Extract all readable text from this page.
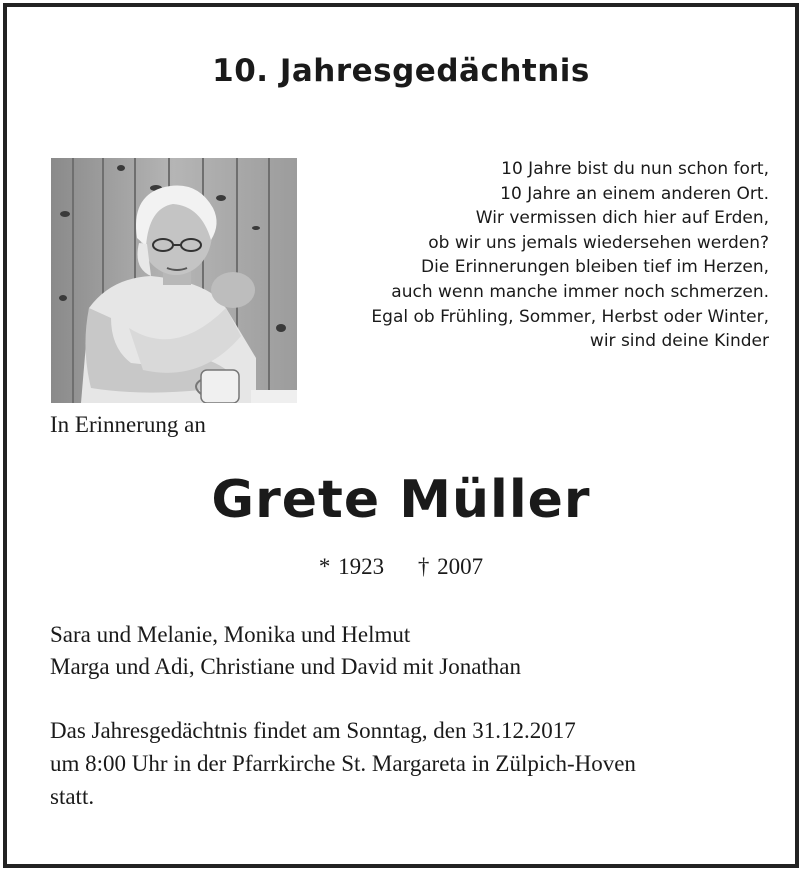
10. Jahresgedächtnis
10 Jahre bist du nun schon fort,
10 Jahre an einem anderen Ort.
Wir vermissen dich hier auf Erden,
ob wir uns jemals wiedersehen werden?
Die Erinnerungen bleiben tief im Herzen,
auch wenn manche immer noch schmerzen.
Egal ob Frühling, Sommer, Herbst oder Winter,
wir sind deine Kinder
In Erinnerung an
Grete Müller
* 1923 † 2007
Sara und Melanie, Monika und Helmut
Marga und Adi, Christiane und David mit Jonathan
Das Jahresgedächtnis findet am Sonntag, den 31.12.2017
um 8:00 Uhr in der Pfarrkirche St. Margareta in Zülpich-Hoven
statt.
